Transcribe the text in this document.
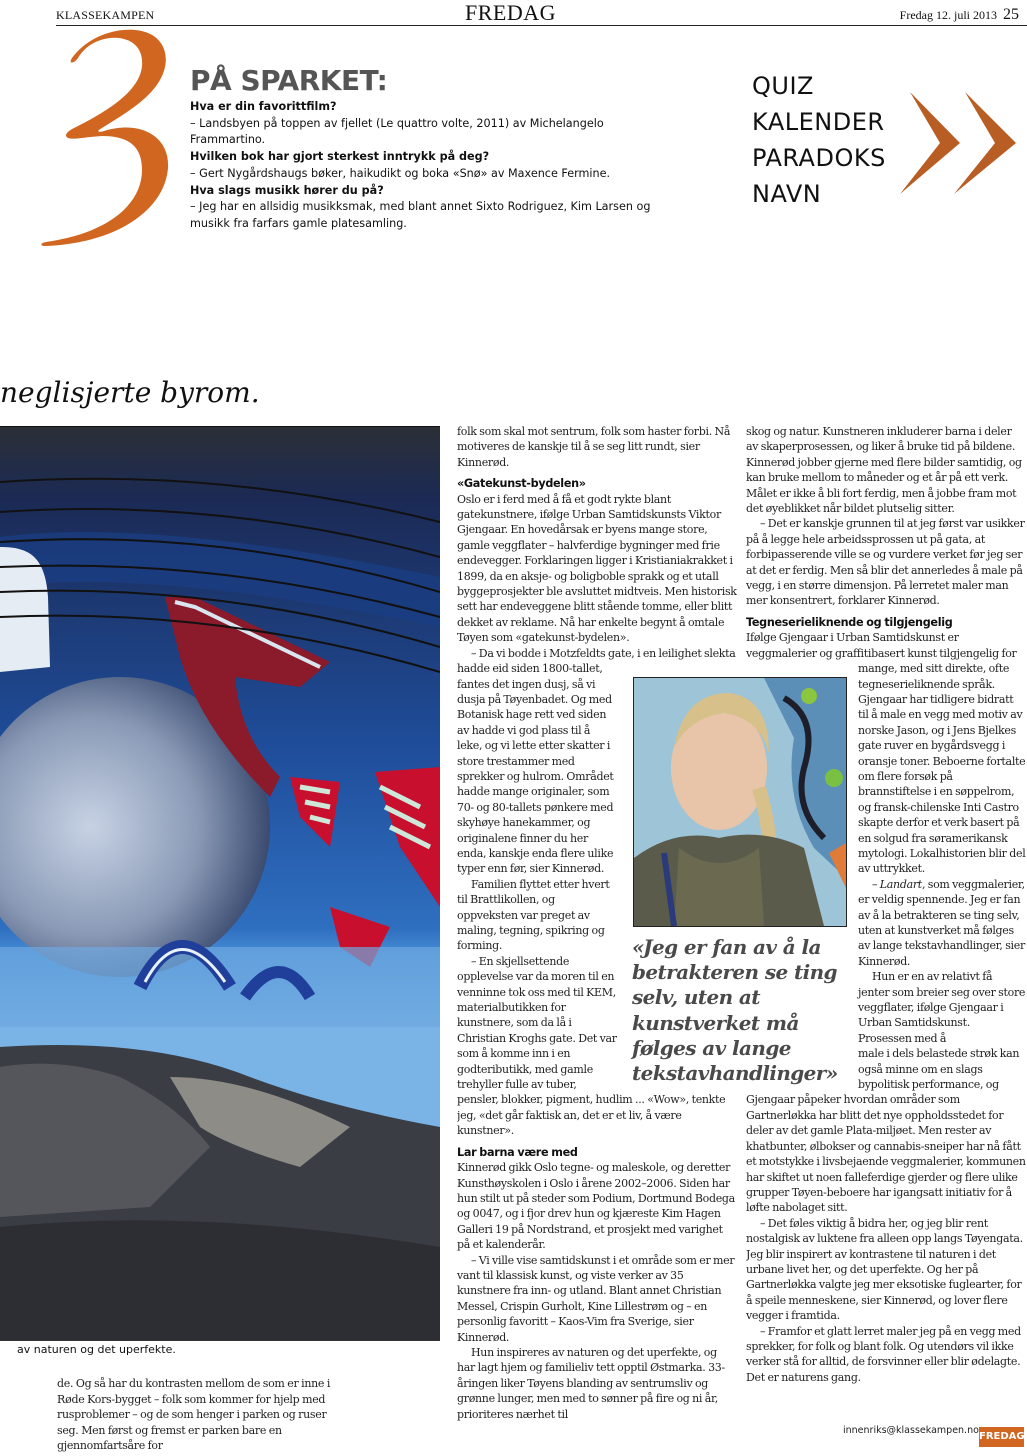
KLASSEKAMPEN	FREDAG	Fredag 12. juli 2013 25
PÅ SPARKET:
Hva er din favorittfilm?
– Landsbyen på toppen av fjellet (Le quattro volte, 2011) av Michelangelo Frammartino.
Hvilken bok har gjort sterkest inntrykk på deg?
– Gert Nygårdshaugs bøker, haikudikt og boka «Snø» av Maxence Fermine.
Hva slags musikk hører du på?
– Jeg har en allsidig musikksmak, med blant annet Sixto Rodriguez, Kim Larsen og musikk fra farfars gamle platesamling.
QUIZ
KALENDER
PARADOKS
NAVN
neglisjerte byrom.
av naturen og det uperfekte.
de. Og så har du kontrasten mellom de som er inne i Røde Kors-bygget – folk som kommer for hjelp med rusproblemer – og de som henger i parken og ruser seg. Men først og fremst er parken bare en gjennomfartsåre for

folk som skal mot sentrum, folk som haster forbi. Nå motiveres de kanskje til å se seg litt rundt, sier Kinnerød.

«Gatekunst-bydelen»

Oslo er i ferd med å få et godt rykte blant gatekunstnere, ifølge Urban Samtidskunsts Viktor Gjengaar. En hovedårsak er byens mange store, gamle veggflater – halvferdige bygninger med frie endevegger. Forklaringen ligger i Kristianiakrakket i 1899, da en aksje- og boligboble sprakk og et utall byggeprosjekter ble avsluttet midtveis. Men historisk sett har endeveggene blitt stående tomme, eller blitt dekket av reklame. Nå har enkelte begynt å omtale Tøyen som «gatekunst-bydelen».

– Da vi bodde i Motzfeldts gate, i en leilighet slekta hadde eid siden 1800-tallet, fantes det ingen dusj, så vi dusja på Tøyenbadet. Og med Botanisk hage rett ved siden av hadde vi god plass til å leke, og vi lette etter skatter i store trestammer med sprekker og hulrom. Området hadde mange originaler, som 70- og 80-tallets pønkere med skyhøye hanekammer, og originalene finner du her enda, kanskje enda flere ulike typer enn før, sier Kinnerød.

Familien flyttet etter hvert til Brattlikollen, og oppveksten var preget av maling, tegning, spikring og forming.

– En skjellsettende opplevelse var da moren til en venninne tok oss med til KEM, materialbutikken for kunstnere, som da lå i Christian Kroghs gate. Det var som å komme inn i en godteributikk, med gamle trehyller fulle av tuber, pensler, blokker, pigment, hudlim ... «Wow», tenkte jeg, «det går faktisk an, det er et liv, å være kunstner».

Lar barna være med

Kinnerød gikk Oslo tegne- og maleskole, og deretter Kunsthøyskolen i Oslo i årene 2002–2006. Siden har hun stilt ut på steder som Podium, Dortmund Bodega og 0047, og i fjor drev hun og kjæreste Kim Hagen Galleri 19 på Nordstrand, et prosjekt med varighet på et kalenderår.

– Vi ville vise samtidskunst i et område som er mer vant til klassisk kunst, og viste verker av 35 kunstnere fra inn- og utland. Blant annet Christian Messel, Crispin Gurholt, Kine Lillestrøm og – en personlig favoritt – Kaos-Vim fra Sverige, sier Kinnerød.

Hun inspireres av naturen og det uperfekte, og har lagt hjem og familieliv tett opptil Østmarka. 33-åringen liker Tøyens blanding av sentrumsliv og grønne lunger, men med to sønner på fire og ni år, prioriteres nærhet til

skog og natur. Kunstneren inkluderer barna i deler av skaperprosessen, og liker å bruke tid på bildene. Kinnerød jobber gjerne med flere bilder samtidig, og kan bruke mellom to måneder og et år på ett verk. Målet er ikke å bli fort ferdig, men å jobbe fram mot det øyeblikket når bildet plutselig sitter.

– Det er kanskje grunnen til at jeg først var usikker på å legge hele arbeidssprossen ut på gata, at forbipasserende ville se og vurdere verket før jeg ser at det er ferdig. Men så blir det annerledes å male på vegg, i en større dimensjon. På lerretet maler man mer konsentrert, forklarer Kinnerød.

Tegneserieliknende og tilgjengelig

Ifølge Gjengaar i Urban Samtidskunst er

veggmalerier og graffitibasert kunst tilgjengelig for mange, med sitt direkte, ofte tegneserieliknende språk. Gjengaar har tidligere bidratt til å male en vegg med motiv av norske Jason, og i Jens Bjelkes gate ruver en bygårdsvegg i oransje toner. Beboerne fortalte om flere forsøk på brannstiftelse i en søppelrom, og fransk-chilenske Inti Castro skapte derfor et verk basert på en solgud fra søramerikansk mytologi. Lokalhistorien blir del av uttrykket.

– Landart, som veggmalerier, er veldig spennende. Jeg er fan av å la betrakteren se ting selv, uten at kunstverket må følges av lange tekstavhandlinger, sier Kinnerød.

Hun er en av relativt få jenter som breier seg over store veggflater, ifølge Gjengaar i Urban Samtidskunst. Prosessen med å

male i dels belastede strøk kan også minne om en slags bypolitisk performance, og Gjengaar påpeker hvordan områder som Gartnerløkka har blitt det nye oppholdsstedet for deler av det gamle Plata-miljøet. Men rester av khatbunter, ølbokser og cannabis-sneiper har nå fått et motstykke i livsbejaende veggmalerier, kommunen har skiftet ut noen falleferdige gjerder og flere ulike grupper Tøyen-beboere har igangsatt initiativ for å løfte nabolaget sitt.

– Det føles viktig å bidra her, og jeg blir rent nostalgisk av luktene fra alleen opp langs Tøyengata. Jeg blir inspirert av kontrastene til naturen i det urbane livet her, og det uperfekte. Og her på Gartnerløkka valgte jeg mer eksotiske fuglearter, for å speile menneskene, sier Kinnerød, og lover flere vegger i framtida.

– Framfor et glatt lerret maler jeg på en vegg med sprekker, for folk og blant folk. Og utendørs vil ikke verker stå for alltid, de forsvinner eller blir ødelagte. Det er naturens gang.

«Jeg er fan av å la betrakteren se ting selv, uten at kunstverket må følges av lange tekstavhandlinger»
innenriks@klassekampen.no
FREDAG
